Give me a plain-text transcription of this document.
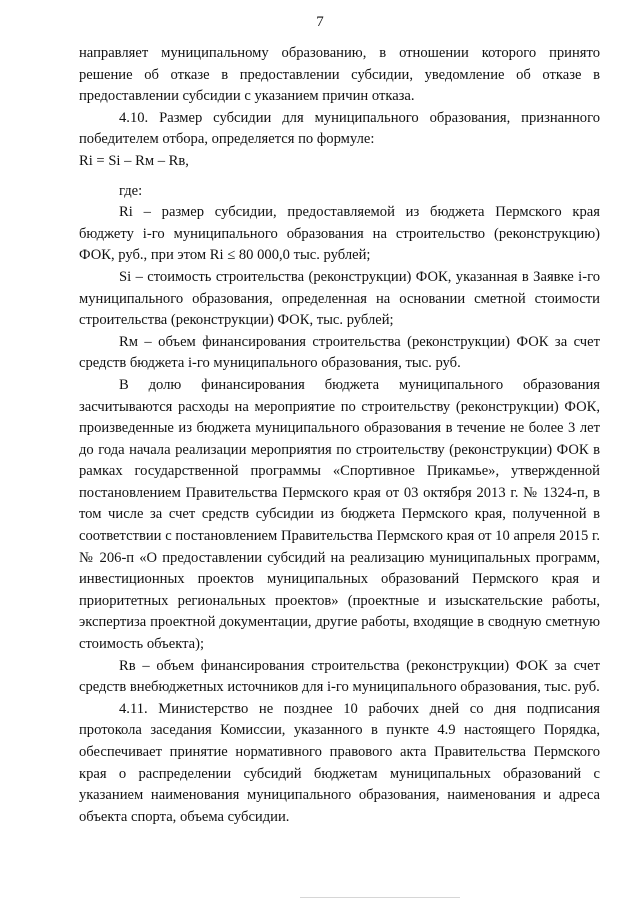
7

направляет муниципальному образованию, в отношении которого принято решение об отказе в предоставлении субсидии, уведомление об отказе в предоставлении субсидии с указанием причин отказа.

4.10. Размер субсидии для муниципального образования, признанного победителем отбора, определяется по формуле:

Ri = Si – Rм – Rв,

где:

Ri – размер субсидии, предоставляемой из бюджета Пермского края бюджету i-го муниципального образования на строительство (реконструкцию) ФОК, руб., при этом Ri ≤ 80 000,0 тыс. рублей;

Si – стоимость строительства (реконструкции) ФОК, указанная в Заявке i-го муниципального образования, определенная на основании сметной стоимости строительства (реконструкции) ФОК, тыс. рублей;

Rм – объем финансирования строительства (реконструкции) ФОК за счет средств бюджета i-го муниципального образования, тыс. руб.

В долю финансирования бюджета муниципального образования засчитываются расходы на мероприятие по строительству (реконструкции) ФОК, произведенные из бюджета муниципального образования в течение не более 3 лет до года начала реализации мероприятия по строительству (реконструкции) ФОК в рамках государственной программы «Спортивное Прикамье», утвержденной постановлением Правительства Пермского края от 03 октября 2013 г. № 1324-п, в том числе за счет средств субсидии из бюджета Пермского края, полученной в соответствии с постановлением Правительства Пермского края от 10 апреля 2015 г. № 206-п «О предоставлении субсидий на реализацию муниципальных программ, инвестиционных проектов муниципальных образований Пермского края и приоритетных региональных проектов» (проектные и изыскательские работы, экспертиза проектной документации, другие работы, входящие в сводную сметную стоимость объекта);

Rв – объем финансирования строительства (реконструкции) ФОК за счет средств внебюджетных источников для i-го муниципального образования, тыс. руб.

4.11. Министерство не позднее 10 рабочих дней со дня подписания протокола заседания Комиссии, указанного в пункте 4.9 настоящего Порядка, обеспечивает принятие нормативного правового акта Правительства Пермского края о распределении субсидий бюджетам муниципальных образований с указанием наименования муниципального образования, наименования и адреса объекта спорта, объема субсидии.
